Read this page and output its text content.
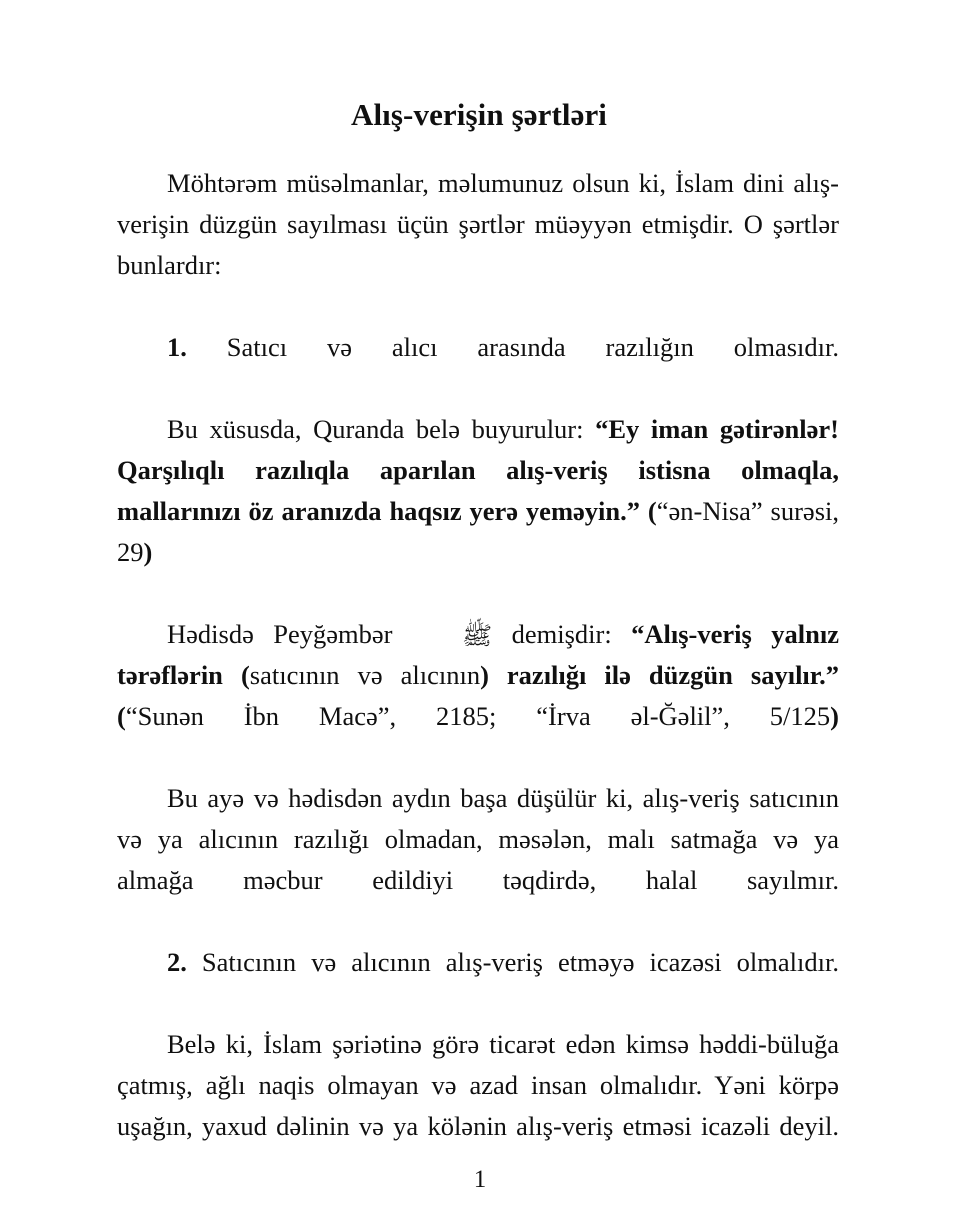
Alış-verişin şərtləri

Möhtərəm müsəlmanlar, məlumunuz olsun ki, İslam dini alış-verişin düzgün sayılması üçün şərtlər müəyyən etmişdir. O şərtlər bunlardır:

1. Satıcı və alıcı arasında razılığın olmasıdır.

Bu xüsusda, Quranda belə buyurulur: “Ey iman gətirənlər! Qarşılıqlı razılıqla aparılan alış-veriş istisna olmaqla, mallarınızı öz aranızda haqsız yerə yeməyin.” (“ən-Nisa” surəsi, 29)

Hədisdə Peyğəmbər ﷺ demişdir: “Alış-veriş yalnız tərəflərin (satıcının və alıcının) razılığı ilə düzgün sayılır.” (“Sunən İbn Macə”, 2185; “İrva əl-Ğəlil”, 5/125)

Bu ayə və hədisdən aydın başa düşülür ki, alış-veriş satıcının və ya alıcının razılığı olmadan, məsələn, malı satmağa və ya almağa məcbur edildiyi təqdirdə, halal sayılmır.

2. Satıcının və alıcının alış-veriş etməyə icazəsi olmalıdır.

Belə ki, İslam şəriətinə görə ticarət edən kimsə həddi-büluğa çatmış, ağlı naqis olmayan və azad insan olmalıdır. Yəni körpə uşağın, yaxud dəlinin və ya kölənin alış-veriş etməsi icazəli deyil.

1
